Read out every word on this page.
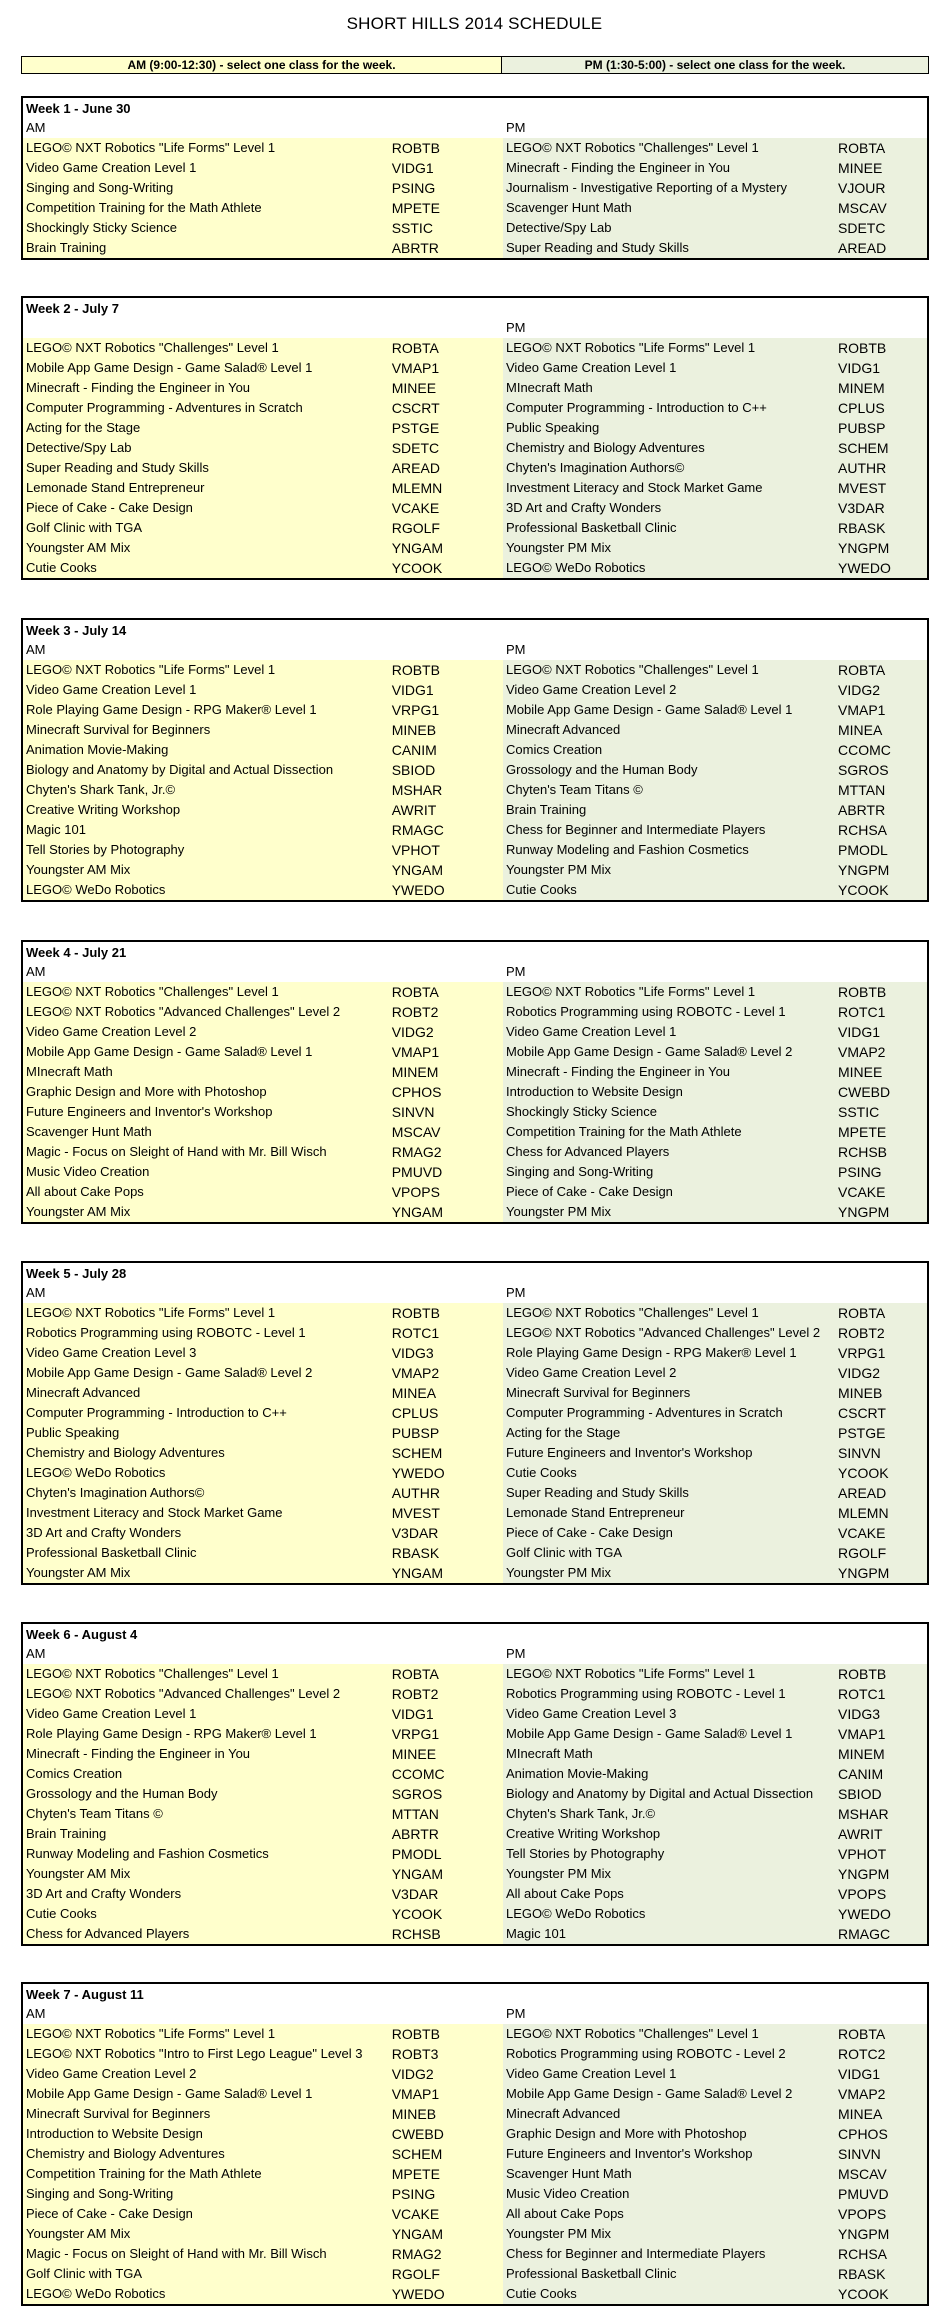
SHORT HILLS 2014 SCHEDULE
AM (9:00-12:30) - select one class for the week.	PM (1:30-5:00) - select one class for the week.
Week 1 - June 30
AM	PM
LEGO© NXT Robotics "Life Forms" Level 1	ROBTB	LEGO© NXT Robotics "Challenges" Level 1	ROBTA
Video Game Creation Level 1	VIDG1	Minecraft - Finding the Engineer in You	MINEE
Singing and Song-Writing	PSING	Journalism - Investigative Reporting of a Mystery	VJOUR
Competition Training for the Math Athlete	MPETE	Scavenger Hunt Math	MSCAV
Shockingly Sticky Science	SSTIC	Detective/Spy Lab	SDETC
Brain Training	ABRTR	Super Reading and Study Skills	AREAD
Week 2 - July 7
PM
LEGO© NXT Robotics "Challenges" Level 1	ROBTA	LEGO© NXT Robotics "Life Forms" Level 1	ROBTB
Mobile App Game Design - Game Salad® Level 1	VMAP1	Video Game Creation Level 1	VIDG1
Minecraft - Finding the Engineer in You	MINEE	MInecraft Math	MINEM
Computer Programming - Adventures in Scratch	CSCRT	Computer Programming - Introduction to C++	CPLUS
Acting for the Stage	PSTGE	Public Speaking	PUBSP
Detective/Spy Lab	SDETC	Chemistry and Biology Adventures	SCHEM
Super Reading and Study Skills	AREAD	Chyten's Imagination Authors©	AUTHR
Lemonade Stand Entrepreneur	MLEMN	Investment Literacy and Stock Market Game	MVEST
Piece of Cake - Cake Design	VCAKE	3D Art and Crafty Wonders	V3DAR
Golf Clinic with TGA	RGOLF	Professional Basketball Clinic	RBASK
Youngster AM Mix	YNGAM	Youngster PM Mix	YNGPM
Cutie Cooks	YCOOK	LEGO© WeDo Robotics	YWEDO
Week 3 - July 14
AM	PM
LEGO© NXT Robotics "Life Forms" Level 1	ROBTB	LEGO© NXT Robotics "Challenges" Level 1	ROBTA
Video Game Creation Level 1	VIDG1	Video Game Creation Level 2	VIDG2
Role Playing Game Design - RPG Maker® Level 1	VRPG1	Mobile App Game Design - Game Salad® Level 1	VMAP1
Minecraft Survival for Beginners	MINEB	Minecraft Advanced	MINEA
Animation Movie-Making	CANIM	Comics Creation	CCOMC
Biology and Anatomy by Digital and Actual Dissection	SBIOD	Grossology and the Human Body	SGROS
Chyten's Shark Tank, Jr.©	MSHAR	Chyten's Team Titans ©	MTTAN
Creative Writing Workshop	AWRIT	Brain Training	ABRTR
Magic 101	RMAGC	Chess for Beginner and Intermediate Players	RCHSA
Tell Stories by Photography	VPHOT	Runway Modeling and Fashion Cosmetics	PMODL
Youngster AM Mix	YNGAM	Youngster PM Mix	YNGPM
LEGO© WeDo Robotics	YWEDO	Cutie Cooks	YCOOK
Week 4 - July 21
AM	PM
LEGO© NXT Robotics "Challenges" Level 1	ROBTA	LEGO© NXT Robotics "Life Forms" Level 1	ROBTB
LEGO© NXT Robotics "Advanced Challenges" Level 2	ROBT2	Robotics Programming using ROBOTC - Level 1	ROTC1
Video Game Creation Level 2	VIDG2	Video Game Creation Level 1	VIDG1
Mobile App Game Design - Game Salad® Level 1	VMAP1	Mobile App Game Design - Game Salad® Level 2	VMAP2
MInecraft Math	MINEM	Minecraft - Finding the Engineer in You	MINEE
Graphic Design and More with Photoshop	CPHOS	Introduction to Website Design	CWEBD
Future Engineers and Inventor's Workshop	SINVN	Shockingly Sticky Science	SSTIC
Scavenger Hunt Math	MSCAV	Competition Training for the Math Athlete	MPETE
Magic - Focus on Sleight of Hand with Mr. Bill Wisch	RMAG2	Chess for Advanced Players	RCHSB
Music Video Creation	PMUVD	Singing and Song-Writing	PSING
All about Cake Pops	VPOPS	Piece of Cake - Cake Design	VCAKE
Youngster AM Mix	YNGAM	Youngster PM Mix	YNGPM
Week 5 - July 28
AM	PM
LEGO© NXT Robotics "Life Forms" Level 1	ROBTB	LEGO© NXT Robotics "Challenges" Level 1	ROBTA
Robotics Programming using ROBOTC - Level 1	ROTC1	LEGO© NXT Robotics "Advanced Challenges" Level 2	ROBT2
Video Game Creation Level 3	VIDG3	Role Playing Game Design - RPG Maker® Level 1	VRPG1
Mobile App Game Design - Game Salad® Level 2	VMAP2	Video Game Creation Level 2	VIDG2
Minecraft Advanced	MINEA	Minecraft Survival for Beginners	MINEB
Computer Programming - Introduction to C++	CPLUS	Computer Programming - Adventures in Scratch	CSCRT
Public Speaking	PUBSP	Acting for the Stage	PSTGE
Chemistry and Biology Adventures	SCHEM	Future Engineers and Inventor's Workshop	SINVN
LEGO© WeDo Robotics	YWEDO	Cutie Cooks	YCOOK
Chyten's Imagination Authors©	AUTHR	Super Reading and Study Skills	AREAD
Investment Literacy and Stock Market Game	MVEST	Lemonade Stand Entrepreneur	MLEMN
3D Art and Crafty Wonders	V3DAR	Piece of Cake - Cake Design	VCAKE
Professional Basketball Clinic	RBASK	Golf Clinic with TGA	RGOLF
Youngster AM Mix	YNGAM	Youngster PM Mix	YNGPM
Week 6 - August 4
AM	PM
LEGO© NXT Robotics "Challenges" Level 1	ROBTA	LEGO© NXT Robotics "Life Forms" Level 1	ROBTB
LEGO© NXT Robotics "Advanced Challenges" Level 2	ROBT2	Robotics Programming using ROBOTC - Level 1	ROTC1
Video Game Creation Level 1	VIDG1	Video Game Creation Level 3	VIDG3
Role Playing Game Design - RPG Maker® Level 1	VRPG1	Mobile App Game Design - Game Salad® Level 1	VMAP1
Minecraft - Finding the Engineer in You	MINEE	MInecraft Math	MINEM
Comics Creation	CCOMC	Animation Movie-Making	CANIM
Grossology and the Human Body	SGROS	Biology and Anatomy by Digital and Actual Dissection	SBIOD
Chyten's Team Titans ©	MTTAN	Chyten's Shark Tank, Jr.©	MSHAR
Brain Training	ABRTR	Creative Writing Workshop	AWRIT
Runway Modeling and Fashion Cosmetics	PMODL	Tell Stories by Photography	VPHOT
Youngster AM Mix	YNGAM	Youngster PM Mix	YNGPM
3D Art and Crafty Wonders	V3DAR	All about Cake Pops	VPOPS
Cutie Cooks	YCOOK	LEGO© WeDo Robotics	YWEDO
Chess for Advanced Players	RCHSB	Magic 101	RMAGC
Week 7 - August 11
AM	PM
LEGO© NXT Robotics "Life Forms" Level 1	ROBTB	LEGO© NXT Robotics "Challenges" Level 1	ROBTA
LEGO© NXT Robotics "Intro to First Lego League" Level 3	ROBT3	Robotics Programming using ROBOTC - Level 2	ROTC2
Video Game Creation Level 2	VIDG2	Video Game Creation Level 1	VIDG1
Mobile App Game Design - Game Salad® Level 1	VMAP1	Mobile App Game Design - Game Salad® Level 2	VMAP2
Minecraft Survival for Beginners	MINEB	Minecraft Advanced	MINEA
Introduction to Website Design	CWEBD	Graphic Design and More with Photoshop	CPHOS
Chemistry and Biology Adventures	SCHEM	Future Engineers and Inventor's Workshop	SINVN
Competition Training for the Math Athlete	MPETE	Scavenger Hunt Math	MSCAV
Singing and Song-Writing	PSING	Music Video Creation	PMUVD
Piece of Cake - Cake Design	VCAKE	All about Cake Pops	VPOPS
Youngster AM Mix	YNGAM	Youngster PM Mix	YNGPM
Magic - Focus on Sleight of Hand with Mr. Bill Wisch	RMAG2	Chess for Beginner and Intermediate Players	RCHSA
Golf Clinic with TGA	RGOLF	Professional Basketball Clinic	RBASK
LEGO© WeDo Robotics	YWEDO	Cutie Cooks	YCOOK
